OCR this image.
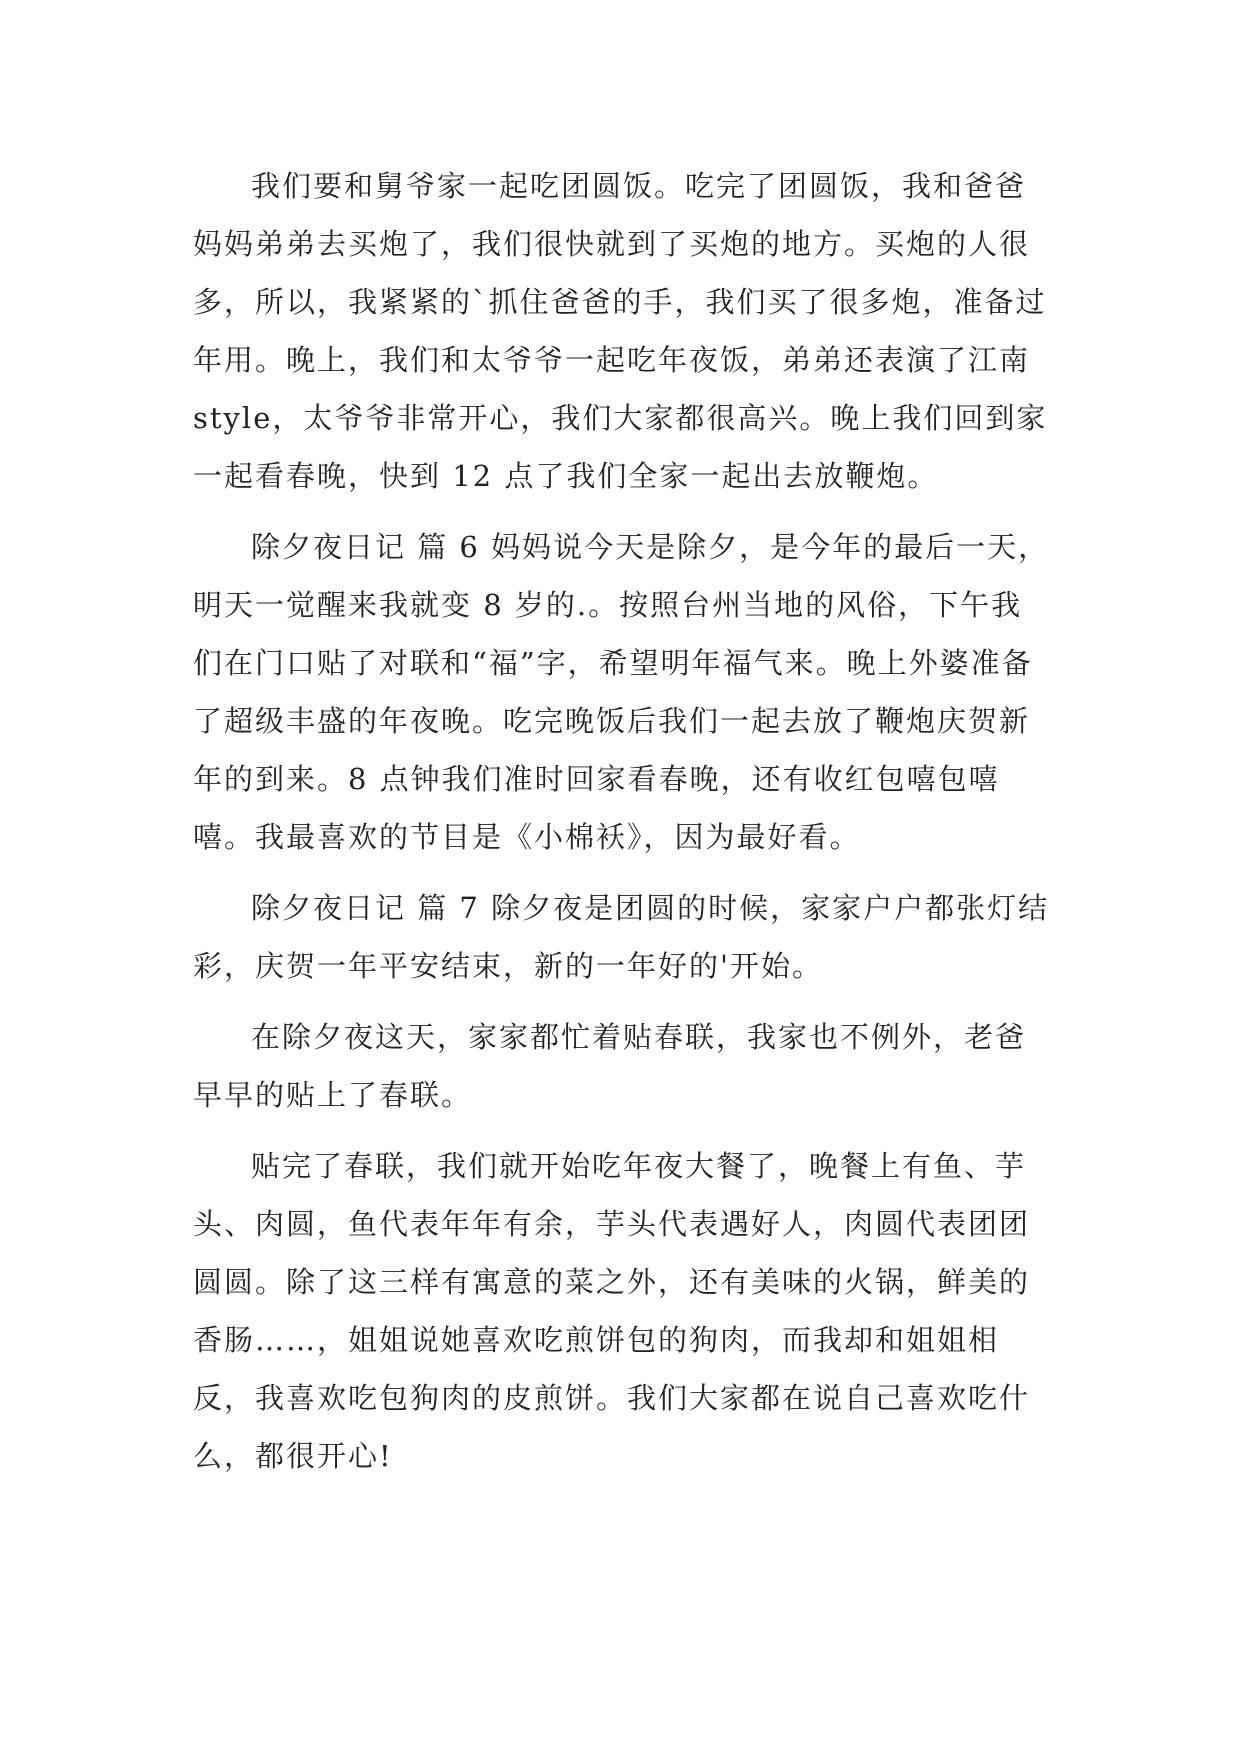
我们要和舅爷家一起吃团圆饭。吃完了团圆饭，我和爸爸妈妈弟弟去买炮了，我们很快就到了买炮的地方。买炮的人很多，所以，我紧紧的`抓住爸爸的手，我们买了很多炮，准备过年用。晚上，我们和太爷爷一起吃年夜饭，弟弟还表演了江南 style，太爷爷非常开心，我们大家都很高兴。晚上我们回到家一起看春晚，快到 12 点了我们全家一起出去放鞭炮。

除夕夜日记 篇 6 妈妈说今天是除夕，是今年的最后一天，明天一觉醒来我就变 8 岁的.。按照台州当地的风俗，下午我们在门口贴了对联和“福”字，希望明年福气来。晚上外婆准备了超级丰盛的年夜晚。吃完晚饭后我们一起去放了鞭炮庆贺新年的到来。8 点钟我们准时回家看春晚，还有收红包嘻包嘻嘻。我最喜欢的节目是《小棉袄》，因为最好看。

除夕夜日记 篇 7 除夕夜是团圆的时候，家家户户都张灯结彩，庆贺一年平安结束，新的一年好的'开始。

在除夕夜这天，家家都忙着贴春联，我家也不例外，老爸早早的贴上了春联。

贴完了春联，我们就开始吃年夜大餐了，晚餐上有鱼、芋头、肉圆，鱼代表年年有余，芋头代表遇好人，肉圆代表团团圆圆。除了这三样有寓意的菜之外，还有美味的火锅，鲜美的香肠……，姐姐说她喜欢吃煎饼包的狗肉，而我却和姐姐相反，我喜欢吃包狗肉的皮煎饼。我们大家都在说自己喜欢吃什么，都很开心!
